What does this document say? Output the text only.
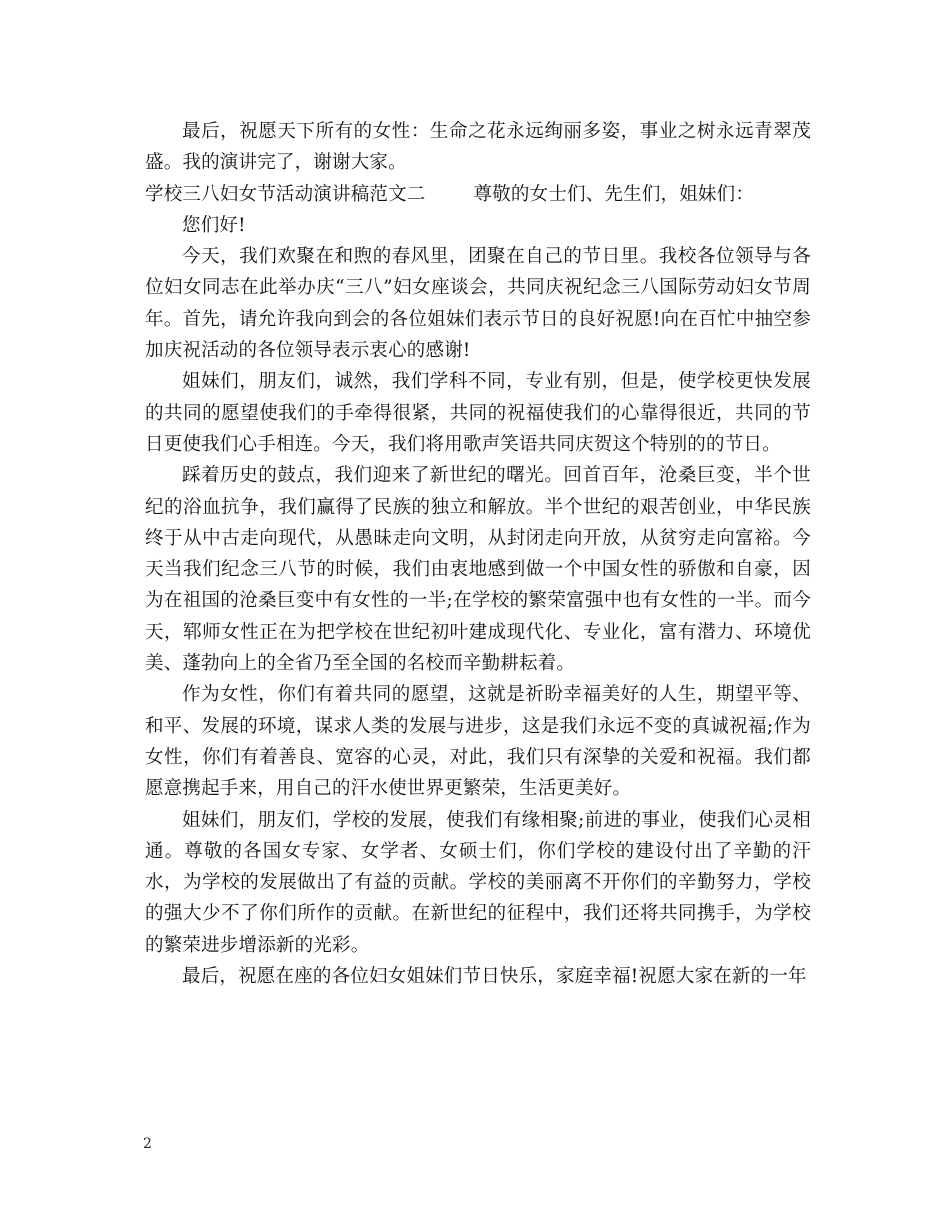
最后，祝愿天下所有的女性：生命之花永远绚丽多姿，事业之树永远青翠茂盛。我的演讲完了，谢谢大家。

学校三八妇女节活动演讲稿范文二	尊敬的女士们、先生们，姐妹们：

您们好!

今天，我们欢聚在和煦的春风里，团聚在自己的节日里。我校各位领导与各位妇女同志在此举办庆“三八”妇女座谈会，共同庆祝纪念三八国际劳动妇女节周年。首先，请允许我向到会的各位姐妹们表示节日的良好祝愿!向在百忙中抽空参加庆祝活动的各位领导表示衷心的感谢!

姐妹们，朋友们，诚然，我们学科不同，专业有别，但是，使学校更快发展的共同的愿望使我们的手牵得很紧，共同的祝福使我们的心靠得很近，共同的节日更使我们心手相连。今天，我们将用歌声笑语共同庆贺这个特别的的节日。

踩着历史的鼓点，我们迎来了新世纪的曙光。回首百年，沧桑巨变，半个世纪的浴血抗争，我们赢得了民族的独立和解放。半个世纪的艰苦创业，中华民族终于从中古走向现代，从愚昧走向文明，从封闭走向开放，从贫穷走向富裕。今天当我们纪念三八节的时候，我们由衷地感到做一个中国女性的骄傲和自豪，因为在祖国的沧桑巨变中有女性的一半;在学校的繁荣富强中也有女性的一半。而今天，郓师女性正在为把学校在世纪初叶建成现代化、专业化，富有潜力、环境优美、蓬勃向上的全省乃至全国的名校而辛勤耕耘着。

作为女性，你们有着共同的愿望，这就是祈盼幸福美好的人生，期望平等、和平、发展的环境，谋求人类的发展与进步，这是我们永远不变的真诚祝福;作为女性，你们有着善良、宽容的心灵，对此，我们只有深挚的关爱和祝福。我们都愿意携起手来，用自己的汗水使世界更繁荣，生活更美好。

姐妹们，朋友们，学校的发展，使我们有缘相聚;前进的事业，使我们心灵相通。尊敬的各国女专家、女学者、女硕士们，你们学校的建设付出了辛勤的汗水，为学校的发展做出了有益的贡献。学校的美丽离不开你们的辛勤努力，学校的强大少不了你们所作的贡献。在新世纪的征程中，我们还将共同携手，为学校的繁荣进步增添新的光彩。

最后，祝愿在座的各位妇女姐妹们节日快乐，家庭幸福!祝愿大家在新的一年

2
